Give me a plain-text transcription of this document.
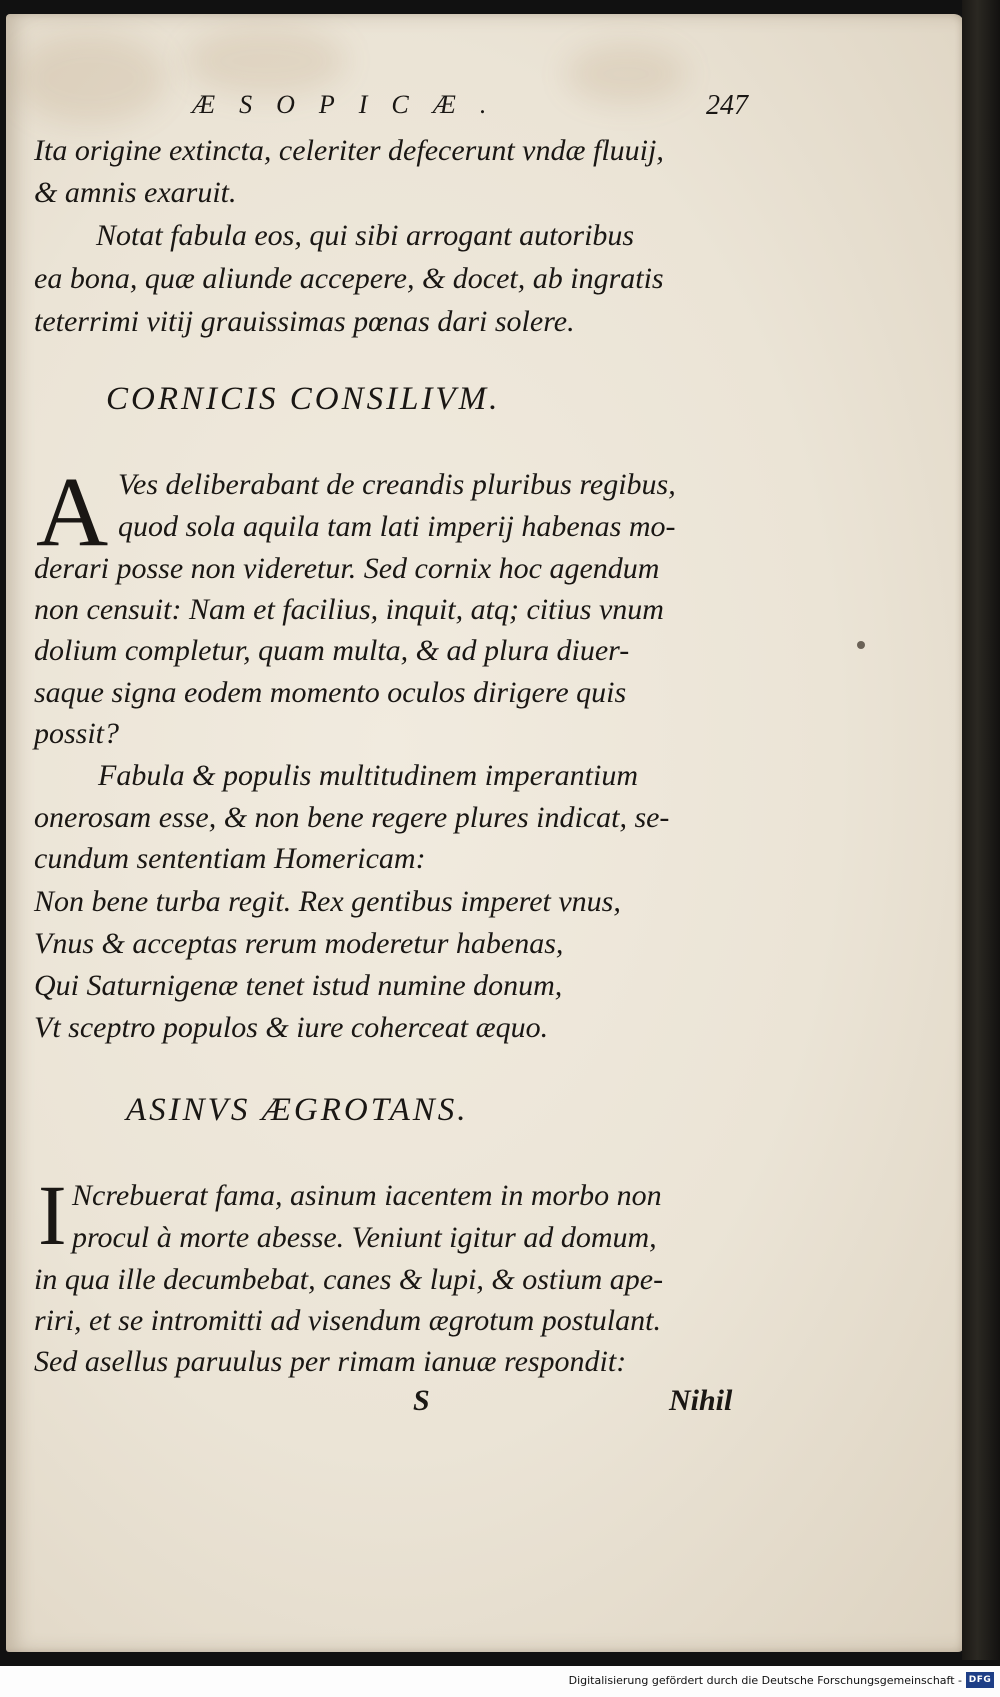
ÆSOPICÆ.	247
Ita origine extincta, celeriter defecerunt vndæ fluuij,
& amnis exaruit.
Notat fabula eos, qui sibi arrogant autoribus
ea bona, quæ aliunde accepere, & docet, ab ingratis
teterrimi vitij grauissimas pœnas dari solere.
CORNICIS CONSILIVM.
A Ves deliberabant de creandis pluribus regibus,
quod sola aquila tam lati imperij habenas mo-
derari posse non videretur. Sed cornix hoc agendum
non censuit: Nam et facilius, inquit, atq; citius vnum
dolium completur, quam multa, & ad plura diuer-
saque signa eodem momento oculos dirigere quis
possit?
Fabula & populis multitudinem imperantium
onerosam esse, & non bene regere plures indicat, se-
cundum sententiam Homericam:
Non bene turba regit. Rex gentibus imperet vnus,
Vnus & acceptas rerum moderetur habenas,
Qui Saturnigenæ tenet istud numine donum,
Vt sceptro populos & iure coherceat æquo.
ASINVS ÆGROTANS.
I Ncrebuerat fama, asinum iacentem in morbo non
procul à morte abesse. Veniunt igitur ad domum,
in qua ille decumbebat, canes & lupi, & ostium ape-
riri, et se intromitti ad visendum ægrotum postulant.
Sed asellus paruulus per rimam ianuæ respondit:
S	Nihil
Digitalisierung gefördert durch die Deutsche Forschungsgemeinschaft - DFG
